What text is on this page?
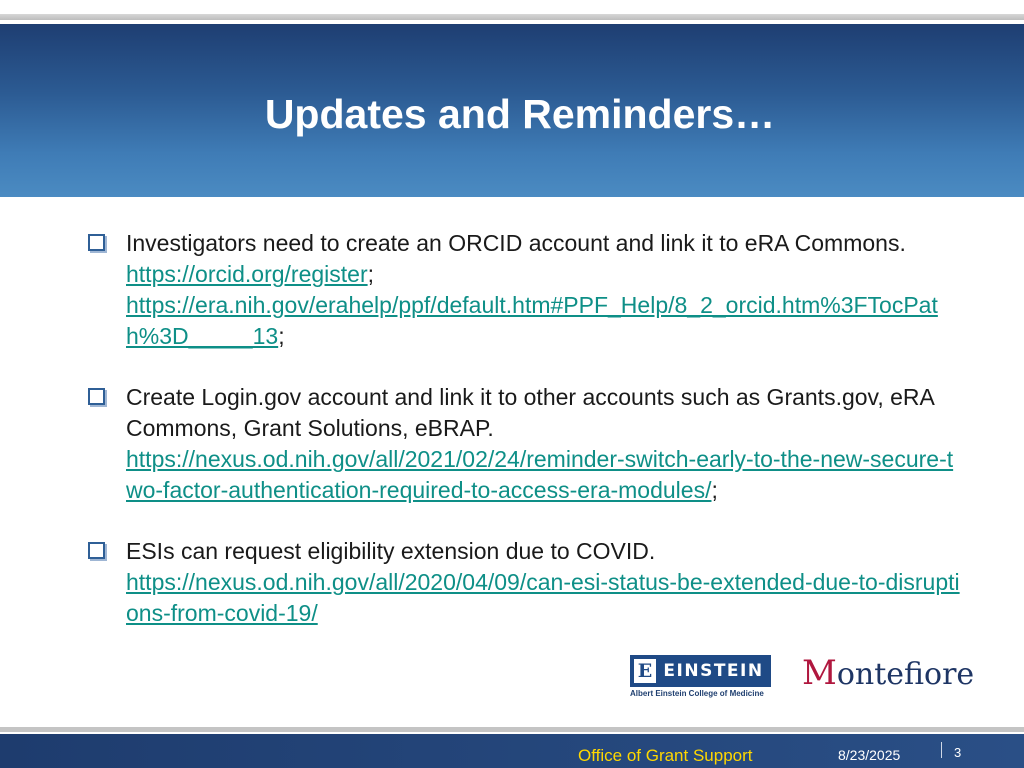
Updates and Reminders…

Investigators need to create an ORCID account and link it to eRA Commons. https://orcid.org/register;
https://era.nih.gov/erahelp/ppf/default.htm#PPF_Help/8_2_orcid.htm%3FTocPath%3D_____13;

Create Login.gov account and link it to other accounts such as Grants.gov, eRA Commons, Grant Solutions, eBRAP.
https://nexus.od.nih.gov/all/2021/02/24/reminder-switch-early-to-the-new-secure-two-factor-authentication-required-to-access-era-modules/;

ESIs can request eligibility extension due to COVID.
https://nexus.od.nih.gov/all/2020/04/09/can-esi-status-be-extended-due-to-disruptions-from-covid-19/

E EINSTEIN
Albert Einstein College of Medicine
Montefiore
Office of Grant Support	8/23/2025	3
